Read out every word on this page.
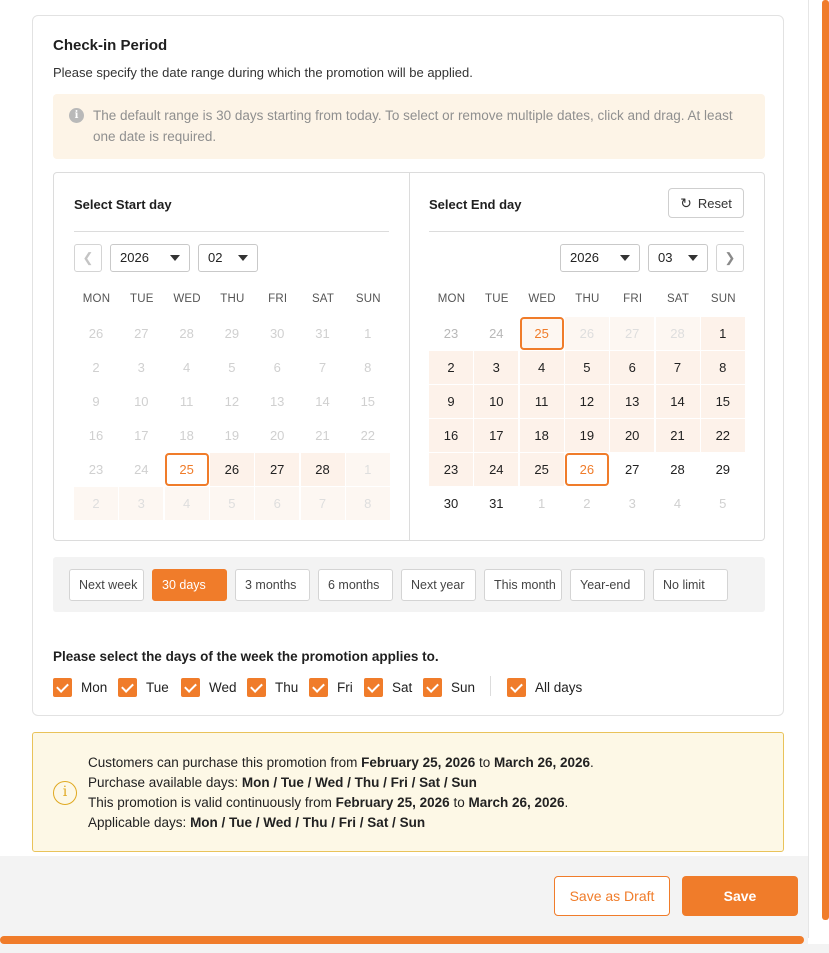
Check-in Period
Please specify the date range during which the promotion will be applied.
i	The default range is 30 days starting from today. To select or remove multiple dates, click and drag. At least one date is required.
Select Start day
❮	2026	02
MON	TUE	WED	THU	FRI	SAT	SUN
26	27	28	29	30	31	1
2	3	4	5	6	7	8
9	10	11	12	13	14	15
16	17	18	19	20	21	22
23	24	25	26	27	28	1
2	3	4	5	6	7	8
Select End day	↻ Reset
2026	03	❯
MON	TUE	WED	THU	FRI	SAT	SUN
23	24	25	26	27	28	1
2	3	4	5	6	7	8
9	10	11	12	13	14	15
16	17	18	19	20	21	22
23	24	25	26	27	28	29
30	31	1	2	3	4	5
Next week	30 days	3 months	6 months	Next year	This month	Year-end	No limit
Please select the days of the week the promotion applies to.
Mon	Tue	Wed	Thu	Fri	Sat	Sun	All days
i
Customers can purchase this promotion from February 25, 2026 to March 26, 2026.
Purchase available days: Mon / Tue / Wed / Thu / Fri / Sat / Sun
This promotion is valid continuously from February 25, 2026 to March 26, 2026.
Applicable days: Mon / Tue / Wed / Thu / Fri / Sat / Sun
Save as Draft	Save
